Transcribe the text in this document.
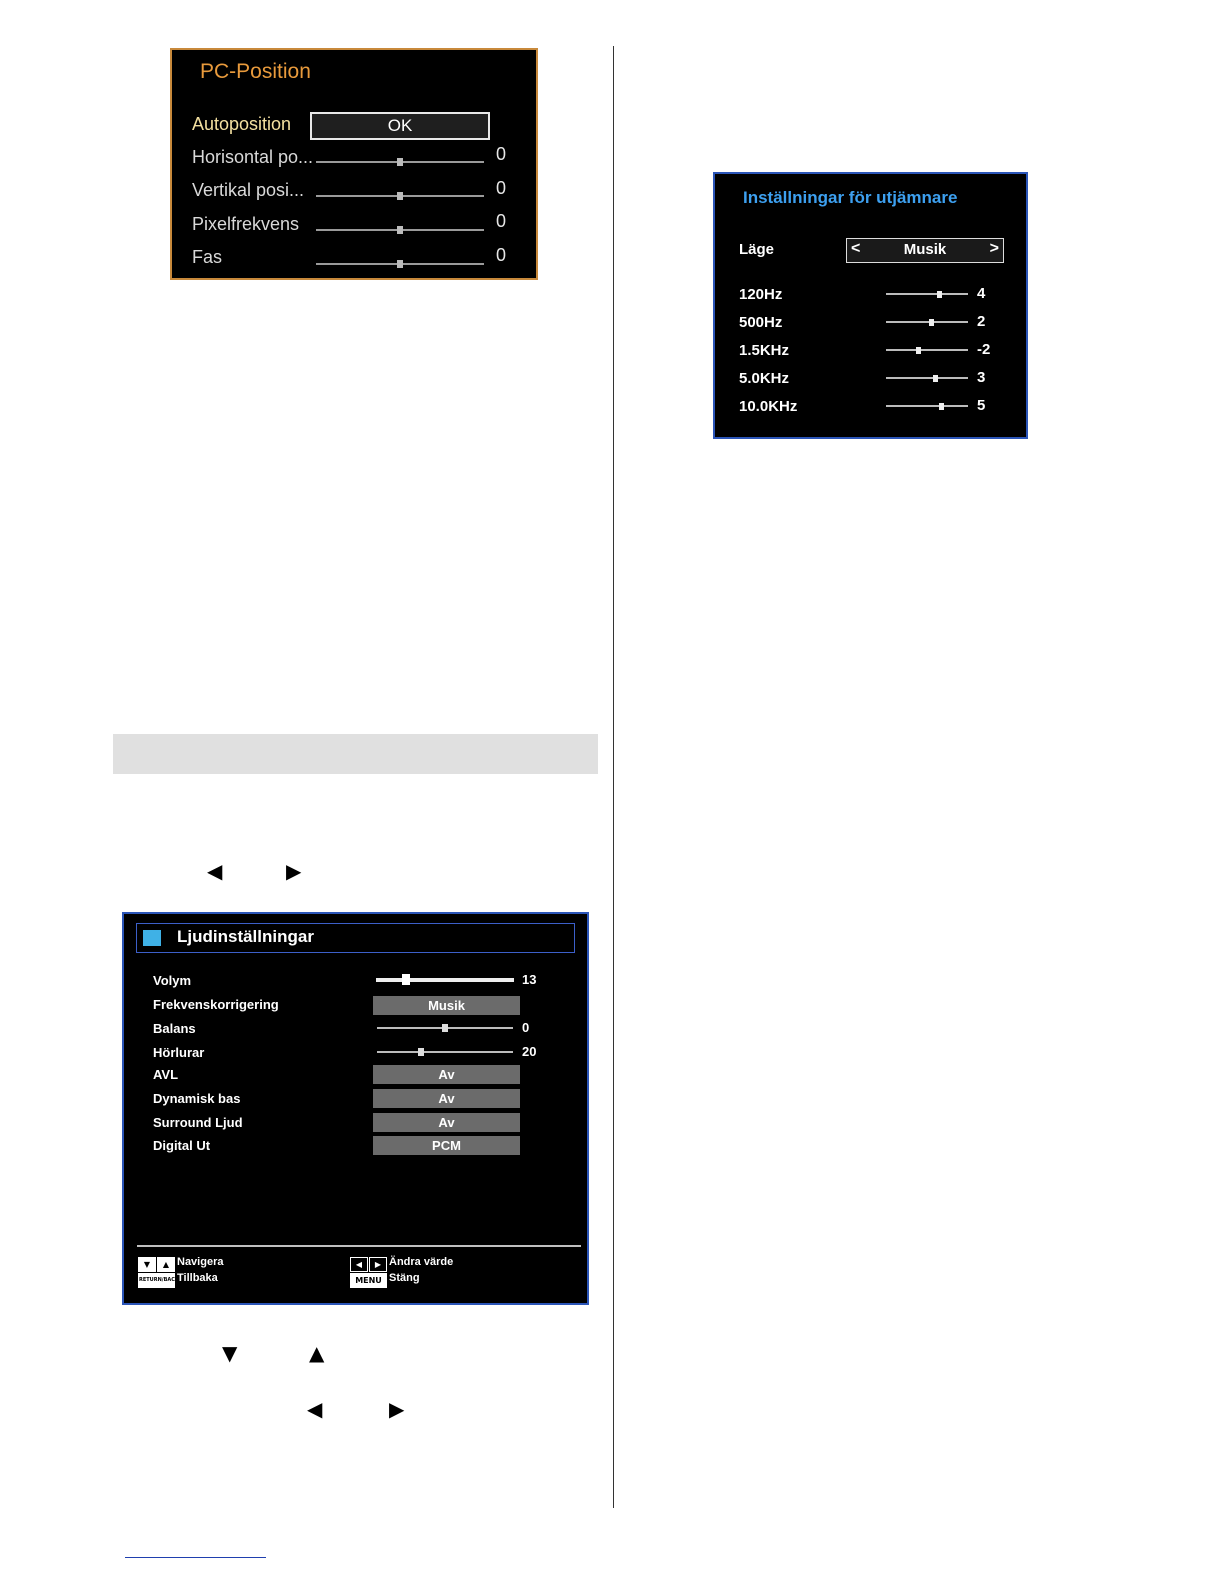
PC-Position
Autoposition	OK
Horisontal po...	0
Vertikal posi...	0
Pixelfrekvens	0
Fas	0
◀	▶
Ljudinställningar
Volym	13
Frekvenskorrigering	Musik
Balans	0
Hörlurar	20
AVL	Av
Dynamisk bas	Av
Surround Ljud	Av
Digital Ut	PCM
▼	▲ Navigera
RETURN/BACK
Tillbaka
◀	▶ Ändra värde
MENU Stäng
▼	▲
◀	▶
Inställningar för utjämnare
Läge	<	Musik	>
120Hz	4
500Hz	2
1.5KHz	-2
5.0KHz	3
10.0KHz	5
